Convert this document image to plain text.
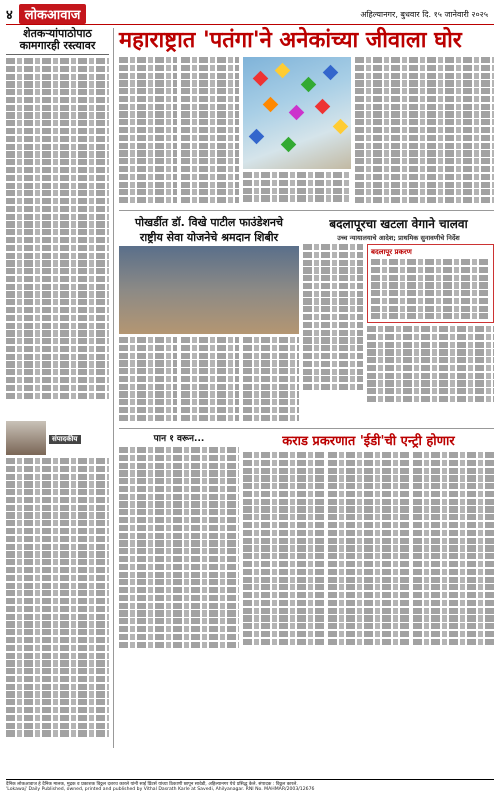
४ लोकआवाज	अहिल्यानगर, बुधवार दि. १५ जानेवारी २०२५
शेतकऱ्यांपाठोपाठ
कामगारही रस्त्यावर
संपादकीय
महाराष्ट्रात 'पतंगा'ने अनेकांच्या जीवाला घोर
पोखर्डीत डॉ. विखे पाटील फाउंडेशनचे
राष्ट्रीय सेवा योजनेचे श्रमदान शिबीर
बदलापूरचा खटला वेगाने चालवा
उच्च न्यायालयाचे आदेश; प्राथमिक सुनावणीचे निर्देश
बदलापूर प्रकरण
पान १ वरून...	कराड प्रकरणात 'ईडी'ची एन्ट्री होणार
दैनिक लोकआवाज हे दैनिक मालक, मुद्रक व प्रकाशक विठ्ठल दशरथ कारले यांनी साई प्रिंटर्स यांच्या ठिकाणी छापून सावेडी, अहिल्यानगर येथे प्रसिद्ध केले. संपादक : विठ्ठल कारले.
'Lokawaj' Daily Published, owned, printed and published by Vithal Dasrath Karle at Savedi, Ahilyanagar. RNI No. MAHMAR/2003/12676
